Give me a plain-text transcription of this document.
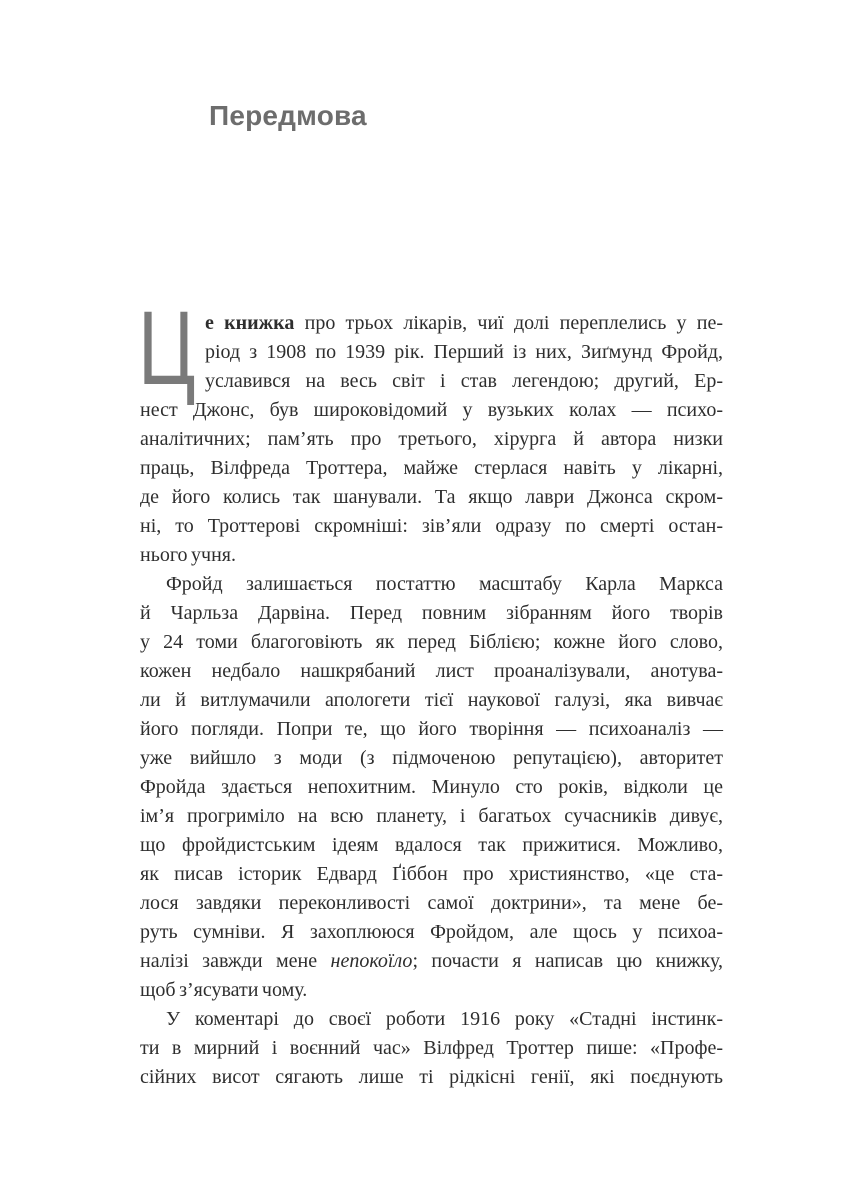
Передмова
Ц е книжка про трьох лікарів, чиї долі переплелись у пе-
ріод з 1908 по 1939 рік. Перший із них, Зиґмунд Фройд,
уславився на весь світ і став легендою; другий, Ер-
нест Джонс, був широковідомий у вузьких колах — психо-
аналітичних; пам’ять про третього, хірурга й автора низки
праць, Вілфреда Троттера, майже стерлася навіть у лікарні,
де його колись так шанували. Та якщо лаври Джонса скром-
ні, то Троттерові скромніші: зів’яли одразу по смерті остан-
нього учня.
Фройд залишається постаттю масштабу Карла Маркса
й Чарльза Дарвіна. Перед повним зібранням його творів
у 24 томи благоговіють як перед Біблією; кожне його слово,
кожен недбало нашкрябаний лист проаналізували, анотува-
ли й витлумачили апологети тієї наукової галузі, яка вивчає
його погляди. Попри те, що його творіння — психоаналіз —
уже вийшло з моди (з підмоченою репутацією), авторитет
Фройда здається непохитним. Минуло сто років, відколи це
ім’я прогриміло на всю планету, і багатьох сучасників дивує,
що фройдистським ідеям вдалося так прижитися. Можливо,
як писав історик Едвард Ґіббон про християнство, «це ста-
лося завдяки переконливості самої доктрини», та мене бе-
руть сумніви. Я захоплююся Фройдом, але щось у психоа-
налізі завжди мене непокоїло; почасти я написав цю книжку,
щоб з’ясувати чому.
У коментарі до своєї роботи 1916 року «Стадні інстинк-
ти в мирний і воєнний час» Вілфред Троттер пише: «Профе-
сійних висот сягають лише ті рідкісні генії, які поєднують
